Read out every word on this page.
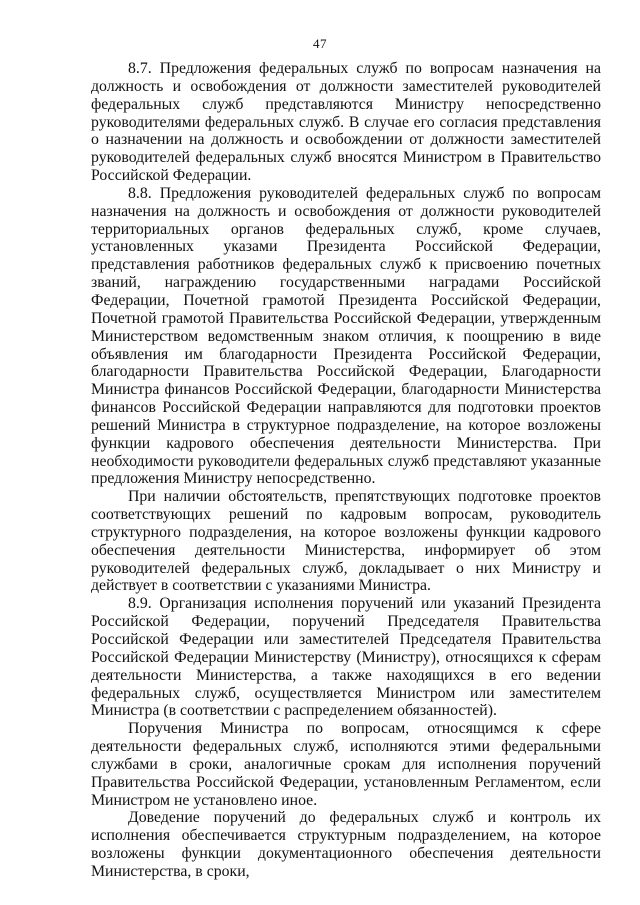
47

8.7. Предложения федеральных служб по вопросам назначения на должность и освобождения от должности заместителей руководителей федеральных служб представляются Министру непосредственно руководителями федеральных служб. В случае его согласия представления о назначении на должность и освобождении от должности заместителей руководителей федеральных служб вносятся Министром в Правительство Российской Федерации.

8.8. Предложения руководителей федеральных служб по вопросам назначения на должность и освобождения от должности руководителей территориальных органов федеральных служб, кроме случаев, установленных указами Президента Российской Федерации, представления работников федеральных служб к присвоению почетных званий, награждению государственными наградами Российской Федерации, Почетной грамотой Президента Российской Федерации, Почетной грамотой Правительства Российской Федерации, утвержденным Министерством ведомственным знаком отличия, к поощрению в виде объявления им благодарности Президента Российской Федерации, благодарности Правительства Российской Федерации, Благодарности Министра финансов Российской Федерации, благодарности Министерства финансов Российской Федерации направляются для подготовки проектов решений Министра в структурное подразделение, на которое возложены функции кадрового обеспечения деятельности Министерства. При необходимости руководители федеральных служб представляют указанные предложения Министру непосредственно.

При наличии обстоятельств, препятствующих подготовке проектов соответствующих решений по кадровым вопросам, руководитель структурного подразделения, на которое возложены функции кадрового обеспечения деятельности Министерства, информирует об этом руководителей федеральных служб, докладывает о них Министру и действует в соответствии с указаниями Министра.

8.9. Организация исполнения поручений или указаний Президента Российской Федерации, поручений Председателя Правительства Российской Федерации или заместителей Председателя Правительства Российской Федерации Министерству (Министру), относящихся к сферам деятельности Министерства, а также находящихся в его ведении федеральных служб, осуществляется Министром или заместителем Министра (в соответствии с распределением обязанностей).

Поручения Министра по вопросам, относящимся к сфере деятельности федеральных служб, исполняются этими федеральными службами в сроки, аналогичные срокам для исполнения поручений Правительства Российской Федерации, установленным Регламентом, если Министром не установлено иное.

Доведение поручений до федеральных служб и контроль их исполнения обеспечивается структурным подразделением, на которое возложены функции документационного обеспечения деятельности Министерства, в сроки,
